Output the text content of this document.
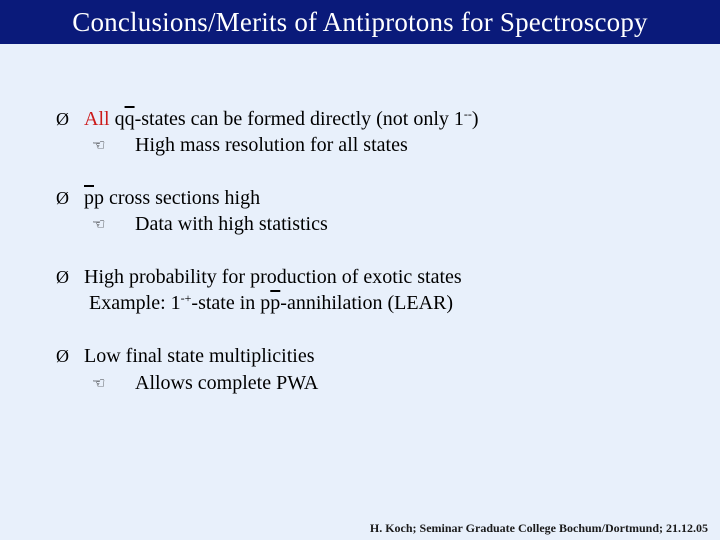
Conclusions/Merits of Antiprotons for Spectroscopy
Ø All $q\overline{q}$-states can be formed directly (not only 1--)
☜ High mass resolution for all states
Ø $\overline{p}p$ cross sections high
☜ Data with high statistics
Ø High probability for production of exotic states
Example: 1-+-state in $p\overline{p}$-annihilation (LEAR)
Ø Low final state multiplicities
☜ Allows complete PWA
H. Koch; Seminar Graduate College Bochum/Dortmund; 21.12.05
